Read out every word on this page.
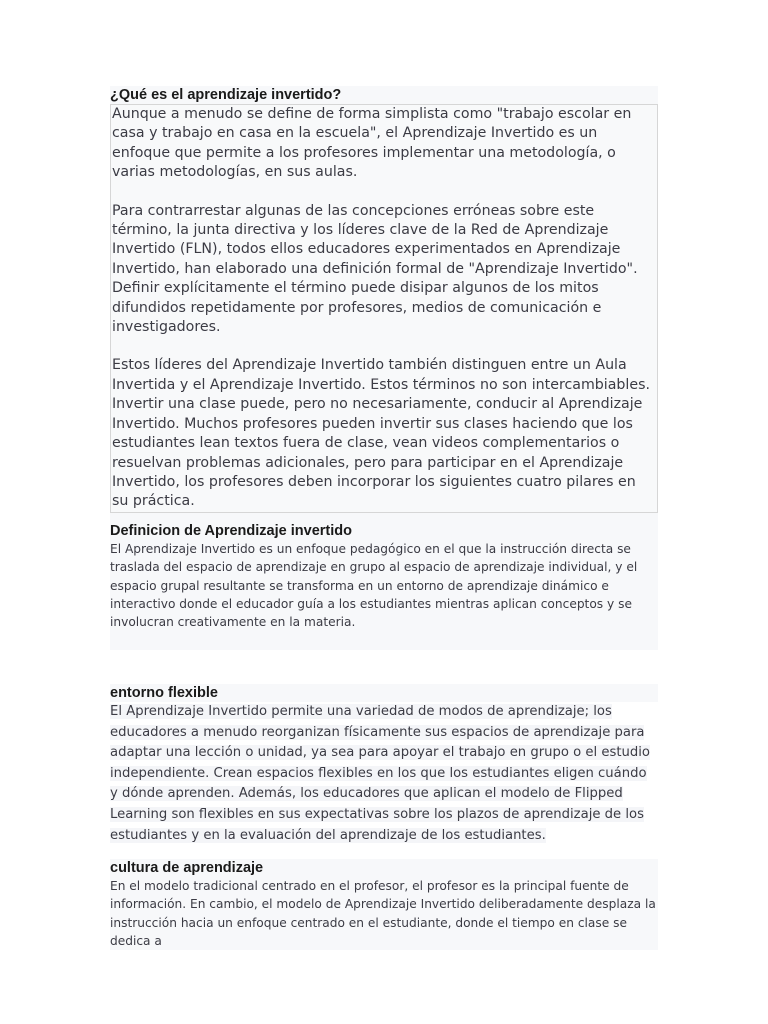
¿Qué es el aprendizaje invertido?

Aunque a menudo se define de forma simplista como "trabajo escolar en casa y trabajo en casa en la escuela", el Aprendizaje Invertido es un enfoque que permite a los profesores implementar una metodología, o varias metodologías, en sus aulas.

Para contrarrestar algunas de las concepciones erróneas sobre este término, la junta directiva y los líderes clave de la Red de Aprendizaje Invertido (FLN), todos ellos educadores experimentados en Aprendizaje Invertido, han elaborado una definición formal de "Aprendizaje Invertido". Definir explícitamente el término puede disipar algunos de los mitos difundidos repetidamente por profesores, medios de comunicación e investigadores.

Estos líderes del Aprendizaje Invertido también distinguen entre un Aula Invertida y el Aprendizaje Invertido. Estos términos no son intercambiables. Invertir una clase puede, pero no necesariamente, conducir al Aprendizaje Invertido. Muchos profesores pueden invertir sus clases haciendo que los estudiantes lean textos fuera de clase, vean videos complementarios o resuelvan problemas adicionales, pero para participar en el Aprendizaje Invertido, los profesores deben incorporar los siguientes cuatro pilares en su práctica.

Definicion de Aprendizaje invertido

El Aprendizaje Invertido es un enfoque pedagógico en el que la instrucción directa se traslada del espacio de aprendizaje en grupo al espacio de aprendizaje individual, y el espacio grupal resultante se transforma en un entorno de aprendizaje dinámico e interactivo donde el educador guía a los estudiantes mientras aplican conceptos y se involucran creativamente en la materia.

entorno flexible

El Aprendizaje Invertido permite una variedad de modos de aprendizaje; los educadores a menudo reorganizan físicamente sus espacios de aprendizaje para adaptar una lección o unidad, ya sea para apoyar el trabajo en grupo o el estudio independiente. Crean espacios flexibles en los que los estudiantes eligen cuándo y dónde aprenden. Además, los educadores que aplican el modelo de Flipped Learning son flexibles en sus expectativas sobre los plazos de aprendizaje de los estudiantes y en la evaluación del aprendizaje de los estudiantes.

cultura de aprendizaje

En el modelo tradicional centrado en el profesor, el profesor es la principal fuente de información. En cambio, el modelo de Aprendizaje Invertido deliberadamente desplaza la instrucción hacia un enfoque centrado en el estudiante, donde el tiempo en clase se dedica a
